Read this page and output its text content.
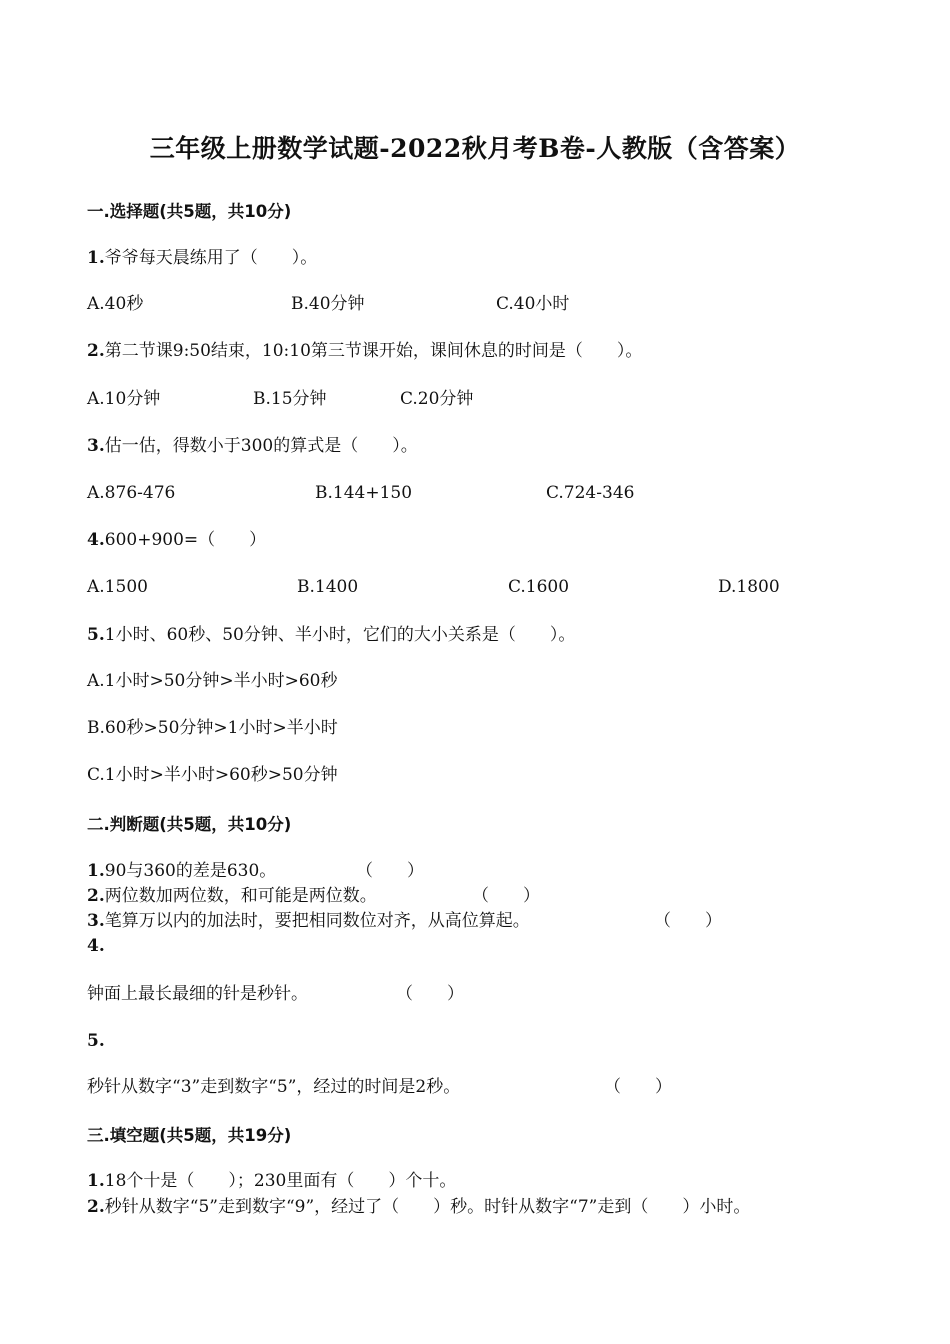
三年级上册数学试题-2022秋月考B卷-人教版（含答案）
一.选择题(共5题，共10分)
1.爷爷每天晨练用了（　　）。
A.40秒	B.40分钟	C.40小时
2.第二节课9:50结束，10:10第三节课开始，课间休息的时间是（　　）。
A.10分钟	B.15分钟	C.20分钟
3.估一估，得数小于300的算式是（　　）。
A.876-476	B.144+150	C.724-346
4.600+900=（　　）
A.1500	B.1400	C.1600	D.1800
5.1小时、60秒、50分钟、半小时，它们的大小关系是（　　）。
A.1小时>50分钟>半小时>60秒
B.60秒>50分钟>1小时>半小时
C.1小时>半小时>60秒>50分钟
二.判断题(共5题，共10分)
1.90与360的差是630。	（　　）
2.两位数加两位数，和可能是两位数。	（　　）
3.笔算万以内的加法时，要把相同数位对齐，从高位算起。	（　　）
4.
钟面上最长最细的针是秒针。	（　　）
5.
秒针从数字“3”走到数字“5”，经过的时间是2秒。	（　　）
三.填空题(共5题，共19分)
1.18个十是（　　）；230里面有（　　）个十。
2.秒针从数字“5”走到数字“9”，经过了（　　）秒。时针从数字“7”走到（　　）小时。
